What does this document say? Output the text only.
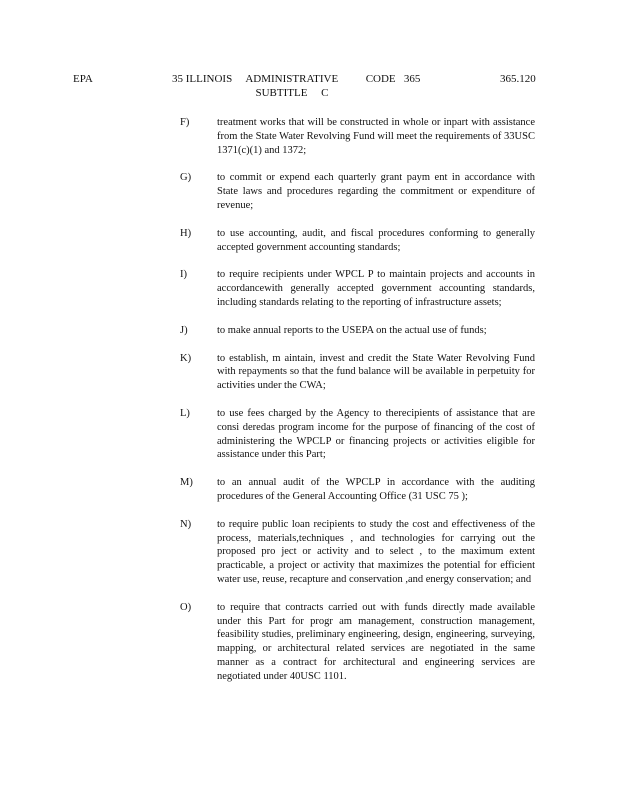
EPA	35 ILLINOIS     ADMINISTRATIVE          CODE   365
SUBTITLE     C
365.120
F)	treatment works that will be constructed in whole or inpart with assistance from the State Water Revolving Fund will meet the requirements of 33USC 1371(c)(1) and 1372;
G)	to commit or expend each quarterly grant paym ent in accordance with State laws and procedures regarding the commitment or expenditure of revenue;
H)	to use accounting, audit, and fiscal procedures conforming to generally accepted government accounting standards;
I)	to require recipients under WPCL P to maintain projects and accounts in accordancewith generally accepted government accounting standards, including standards relating to the reporting of infrastructure assets;
J)	to make annual reports to the USEPA on the actual use of funds;
K)	to establish, m aintain, invest and credit the State Water Revolving Fund with repayments so that the fund balance will be available in perpetuity for activities under the CWA;
L)	to use fees charged by the Agency to therecipients of assistance that are consi deredas program income for the purpose of financing of the cost of administering the WPCLP or financing projects or activities eligible for assistance under this Part;
M)	to an annual audit of the WPCLP in accordance with the auditing procedures of the General Accounting Office (31 USC 75 );
N)	to require public loan recipients to study the cost and effectiveness of the process, materials,techniques , and technologies for carrying out the proposed pro ject or activity and to select , to the maximum extent practicable, a project or activity that maximizes the potential for efficient water use, reuse, recapture and conservation ,and energy conservation; and
O)	to require that contracts carried out with funds directly made available under this Part for progr am management, construction management, feasibility studies, preliminary engineering, design, engineering, surveying, mapping, or architectural related services are negotiated in the same manner as a contract for architectural and engineering services are negotiated under 40USC 1101.
